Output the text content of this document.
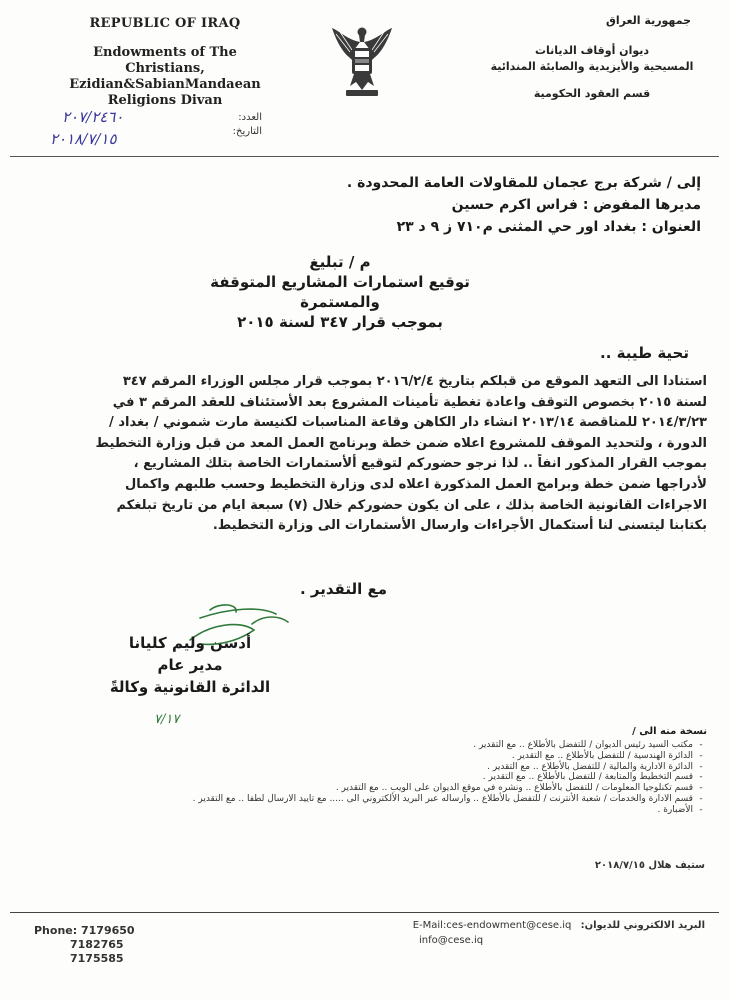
REPUBLIC OF IRAQ
Endowments of The
Christians, Ezidian&SabianMandaean
Religions Divan
جمهورية العراق
ديوان أوقاف الديانات
المسيحية والأيزيدية والصابئة المندائية
قسم العقود الحكومية
العدد:
التاريخ:
٢٠٧/٢٤٦٠
٢٠١٨/٧/١٥
إلى / شركة برج عجمان للمقاولات العامة المحدودة .
مديرها المفوض : فراس اكرم حسين
العنوان : بغداد اور حي المثنى م٧١٠ ز ٩ د ٢٣
م / تبليغ
توقيع استمارات المشاريع المتوقفة والمستمرة
بموجب قرار ٣٤٧ لسنة ٢٠١٥
تحية طيبة ..
استنادا الى التعهد الموقع من قبلكم بتاريخ ٢٠١٦/٢/٤ بموجب قرار مجلس الوزراء المرقم ٣٤٧
لسنة ٢٠١٥ بخصوص التوقف واعادة تغطية تأمينات المشروع بعد الأستئناف للعقد المرقم ٣ في
٢٠١٤/٣/٢٣ للمناقصة ٢٠١٣/١٤ انشاء دار الكاهن وقاعة المناسبات لكنيسة مارت شموني / بغداد /
الدورة ، ولتحديد الموقف للمشروع اعلاه ضمن خطة وبرنامج العمل المعد من قبل وزارة التخطيط
بموجب القرار المذكور انفاً .. لذا نرجو حضوركم لتوقيع ألأستمارات الخاصة بتلك المشاريع ،
لأدراجها ضمن خطة وبرامج العمل المذكورة اعلاه لدى وزارة التخطيط وحسب طلبهم واكمال
الاجراءات القانونية الخاصة بذلك ، على ان يكون حضوركم خلال (٧) سبعة ايام من تاريخ تبلغكم
بكتابنا ليتسنى لنا أستكمال الأجراءات وارسال الأستمارات الى وزارة التخطيط.
مع التقدير .
أدسن وليم كليانا
مدير عام
الدائرة القانونية وكالةً
٧/١٧
نسخة منه الى /
-مكتب السيد رئيس الديوان / للتفضل بالأطلاع .. مع التقدير .
-الدائرة الهندسية / للتفضل بالأطلاع .. مع التقدير .
-الدائرة الادارية والمالية / للتفضل بالأطلاع .. مع التقدير .
-قسم التخطيط والمتابعة / للتفضل بالأطلاع .. مع التقدير .
-قسم تكنلوجيا المعلومات / للتفضل بالأطلاع .. ونشره في موقع الديوان على الويب .. مع التقدير .
-قسم الادارة والخدمات / شعبة الأنترنت / للتفضل بالأطلاع .. وارساله عبر البريد الألكتروني الى ..... مع تاييد الارسال لطفا .. مع التقدير .
-الأضبارة .
ستيف هلال ٢٠١٨/٧/١٥
Phone: 7179650
7182765
7175585
البريد الالكتروني للديوان: E-Mail:ces-endowment@cese.iq
info@cese.iq
